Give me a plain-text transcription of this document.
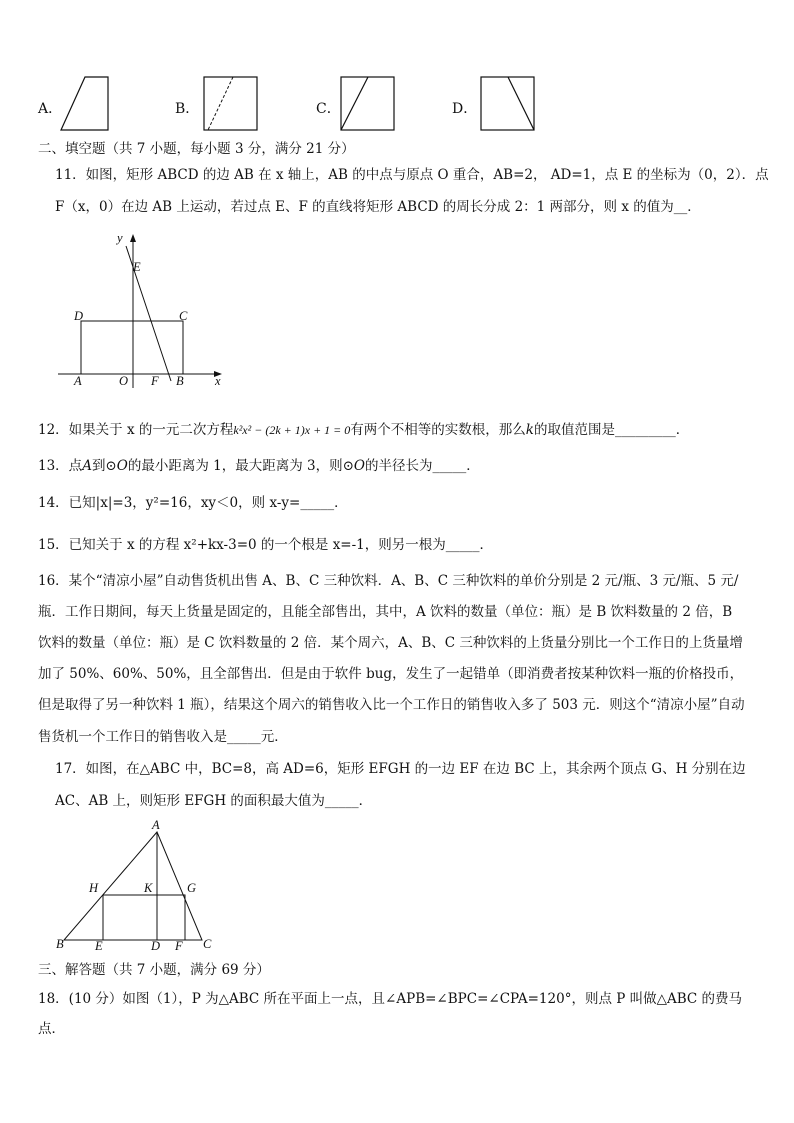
A．	B．	C．	D．
二、填空题（共 7 小题，每小题 3 分，满分 21 分）
11．如图，矩形 ABCD 的边 AB 在 x 轴上，AB 的中点与原点 O 重合，AB=2， AD=1，点 E 的坐标为（0，2）．点
F（x，0）在边 AB 上运动，若过点 E、F 的直线将矩形 ABCD 的周长分成 2：1 两部分，则 x 的值为__．
y
E
D	C
A	O F B	x
12．如果关于 x 的一元二次方程k²x² − (2k + 1)x + 1 = 0有两个不相等的实数根，那么k的取值范围是_________．
13．点A到⊙O的最小距离为 1，最大距离为 3，则⊙O的半径长为_____．
14．已知|x|=3，y²=16，xy＜0，则 x-y=_____．
15．已知关于 x 的方程 x²+kx-3=0 的一个根是 x=-1，则另一根为_____．
16．某个“清凉小屋”自动售货机出售 A、B、C 三种饮料．A、B、C 三种饮料的单价分别是 2 元/瓶、3 元/瓶、5 元/
瓶．工作日期间，每天上货量是固定的，且能全部售出，其中，A 饮料的数量（单位：瓶）是 B 饮料数量的 2 倍，B
饮料的数量（单位：瓶）是 C 饮料数量的 2 倍．某个周六，A、B、C 三种饮料的上货量分别比一个工作日的上货量增
加了 50%、60%、50%，且全部售出．但是由于软件 bug，发生了一起错单（即消费者按某种饮料一瓶的价格投币，
但是取得了另一种饮料 1 瓶），结果这个周六的销售收入比一个工作日的销售收入多了 503 元．则这个“清凉小屋”自动
售货机一个工作日的销售收入是_____元．
17．如图，在△ABC 中，BC=8，高 AD=6，矩形 EFGH 的一边 EF 在边 BC 上，其余两个顶点 G、H 分别在边
AC、AB 上，则矩形 EFGH 的面积最大值为_____．
A
H	K	G
B	E	D F C
三、解答题（共 7 小题，满分 69 分）
18．(10 分）如图（1），P 为△ABC 所在平面上一点，且∠APB=∠BPC=∠CPA=120°，则点 P 叫做△ABC 的费马
点．
